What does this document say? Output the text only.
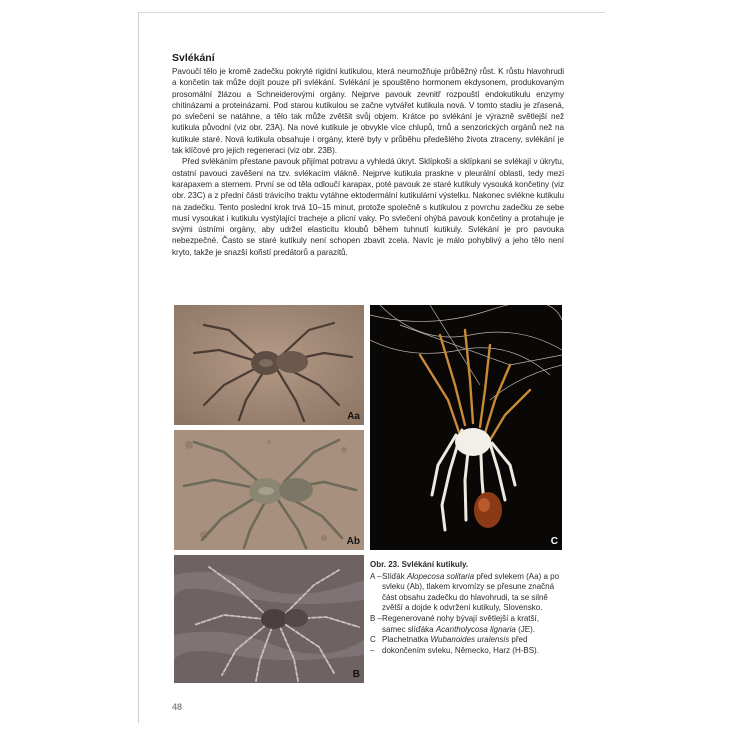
Svlékání

Pavoučí tělo je kromě zadečku pokryté rigidní kutikulou, která neumožňuje průběžný růst. K růstu hlavohrudi a končetin tak může dojít pouze při svlékání. Svlékání je spouštěno hormonem ekdysonem, produkovaným prosomální žlázou a Schneiderovými orgány. Nejprve pavouk zevnitř rozpouští endokutikulu enzymy chitinázami a proteinázami. Pod starou kutikulou se začne vytvářet kutikula nová. V tomto stadiu je zřasená, po svlečení se natáhne, a tělo tak může zvětšit svůj objem. Krátce po svlékání je výrazně světlejší než kutikula původní (viz obr. 23A). Na nové kutikule je obvykle více chlupů, trnů a senzorických orgánů než na kutikule staré. Nová kutikula obsahuje i orgány, které byly v průběhu předešlého života ztraceny, svlékání je tak klíčové pro jejich regeneraci (viz obr. 23B).

Před svlékáním přestane pavouk přijímat potravu a vyhledá úkryt. Sklípkoši a sklípkani se svlékají v úkrytu, ostatní pavouci zavěšeni na tzv. svlékacím vlákně. Nejprve kutikula praskne v pleurální oblasti, tedy mezi karapaxem a sternem. První se od těla odloučí karapax, poté pavouk ze staré kutikuly vysouká končetiny (viz obr. 23C) a z přední části trávicího traktu vytáhne ektodermální kutikulární výstelku. Nakonec svlékne kutikulu na zadečku. Tento poslední krok trvá 10–15 minut, protože společně s kutikulou z povrchu zadečku ze sebe musí vysoukat i kutikulu vystýlající tracheje a plicní vaky. Po svlečení ohýbá pavouk končetiny a protahuje je svými ústními orgány, aby udržel elasticitu kloubů během tuhnutí kutikuly. Svlékání je pro pavouka nebezpečné. Často se staré kutikuly není schopen zbavit zcela. Navíc je málo pohyblivý a jeho tělo není kryto, takže je snazší kořistí predátorů a parazitů.

Aa
Ab
B
C
Obr. 23. Svlékání kutikuly.
A – Slíďák Alopecosa solitaria před svlekem (Aa) a po svleku (Ab), tlakem krvomízy se přesune značná část obsahu zadečku do hlavohrudi, ta se silně zvětší a dojde k odvržení kutikuly, Slovensko.
B – Regenerované nohy bývají světlejší a kratší, samec slíďáka Acantholycosa lignaria (JE).
C –
Plachetnatka Wubanoides uralensis před dokončením svleku, Německo, Harz (H-BS).
48
